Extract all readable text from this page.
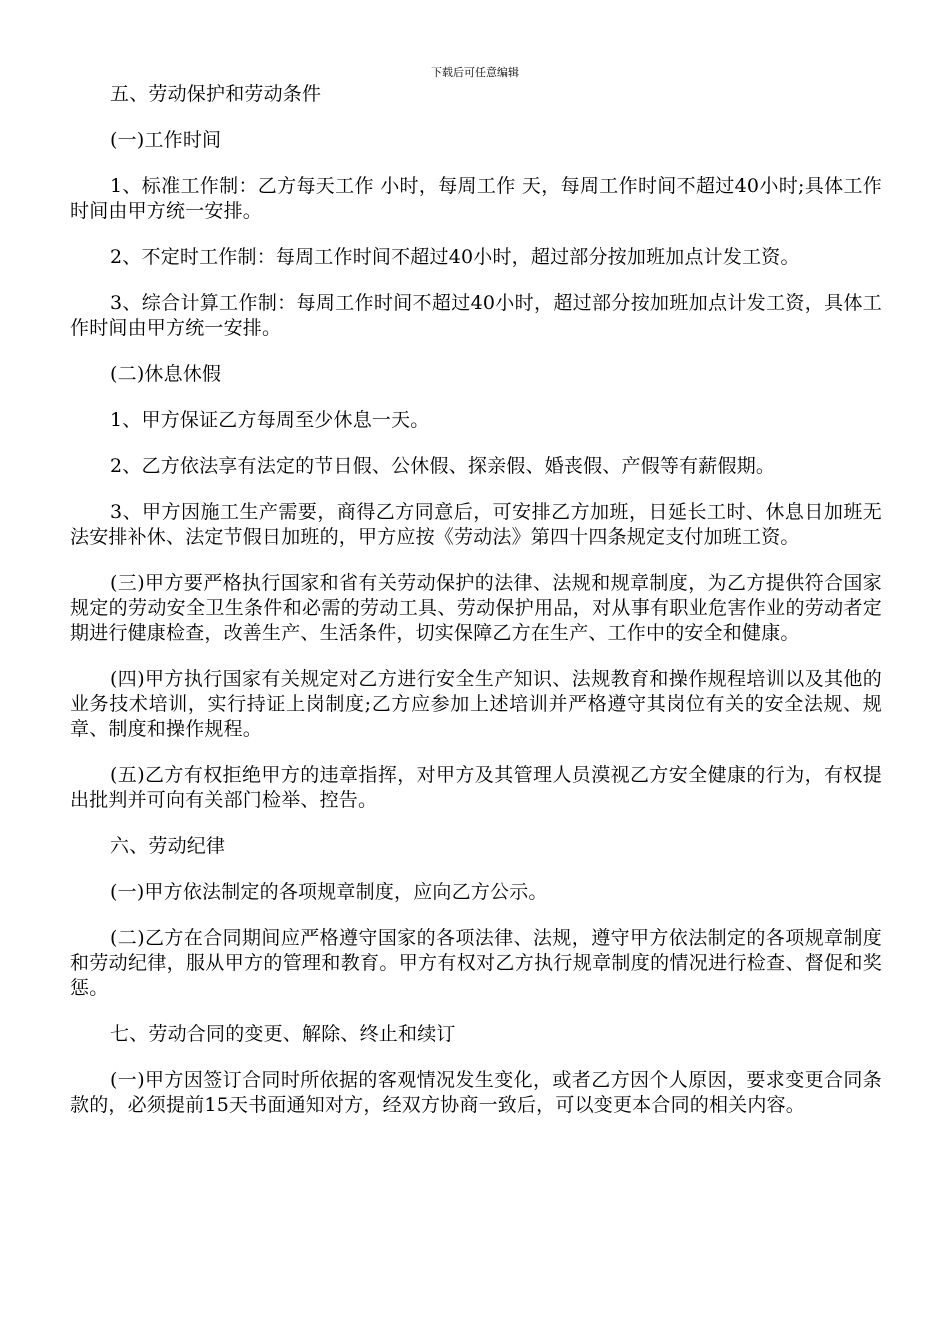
下载后可任意编辑

五、劳动保护和劳动条件

(一)工作时间

1、标准工作制：乙方每天工作 小时，每周工作 天，每周工作时间不超过40小时;具体工作时间由甲方统一安排。

2、不定时工作制：每周工作时间不超过40小时，超过部分按加班加点计发工资。

3、综合计算工作制：每周工作时间不超过40小时，超过部分按加班加点计发工资，具体工作时间由甲方统一安排。

(二)休息休假

1、甲方保证乙方每周至少休息一天。

2、乙方依法享有法定的节日假、公休假、探亲假、婚丧假、产假等有薪假期。

3、甲方因施工生产需要，商得乙方同意后，可安排乙方加班，日延长工时、休息日加班无法安排补休、法定节假日加班的，甲方应按《劳动法》第四十四条规定支付加班工资。

(三)甲方要严格执行国家和省有关劳动保护的法律、法规和规章制度，为乙方提供符合国家规定的劳动安全卫生条件和必需的劳动工具、劳动保护用品，对从事有职业危害作业的劳动者定期进行健康检查，改善生产、生活条件，切实保障乙方在生产、工作中的安全和健康。

(四)甲方执行国家有关规定对乙方进行安全生产知识、法规教育和操作规程培训以及其他的业务技术培训，实行持证上岗制度;乙方应参加上述培训并严格遵守其岗位有关的安全法规、规章、制度和操作规程。

(五)乙方有权拒绝甲方的违章指挥，对甲方及其管理人员漠视乙方安全健康的行为，有权提出批判并可向有关部门检举、控告。

六、劳动纪律

(一)甲方依法制定的各项规章制度，应向乙方公示。

(二)乙方在合同期间应严格遵守国家的各项法律、法规，遵守甲方依法制定的各项规章制度和劳动纪律，服从甲方的管理和教育。甲方有权对乙方执行规章制度的情况进行检查、督促和奖惩。

七、劳动合同的变更、解除、终止和续订

(一)甲方因签订合同时所依据的客观情况发生变化，或者乙方因个人原因，要求变更合同条款的，必须提前15天书面通知对方，经双方协商一致后，可以变更本合同的相关内容。
